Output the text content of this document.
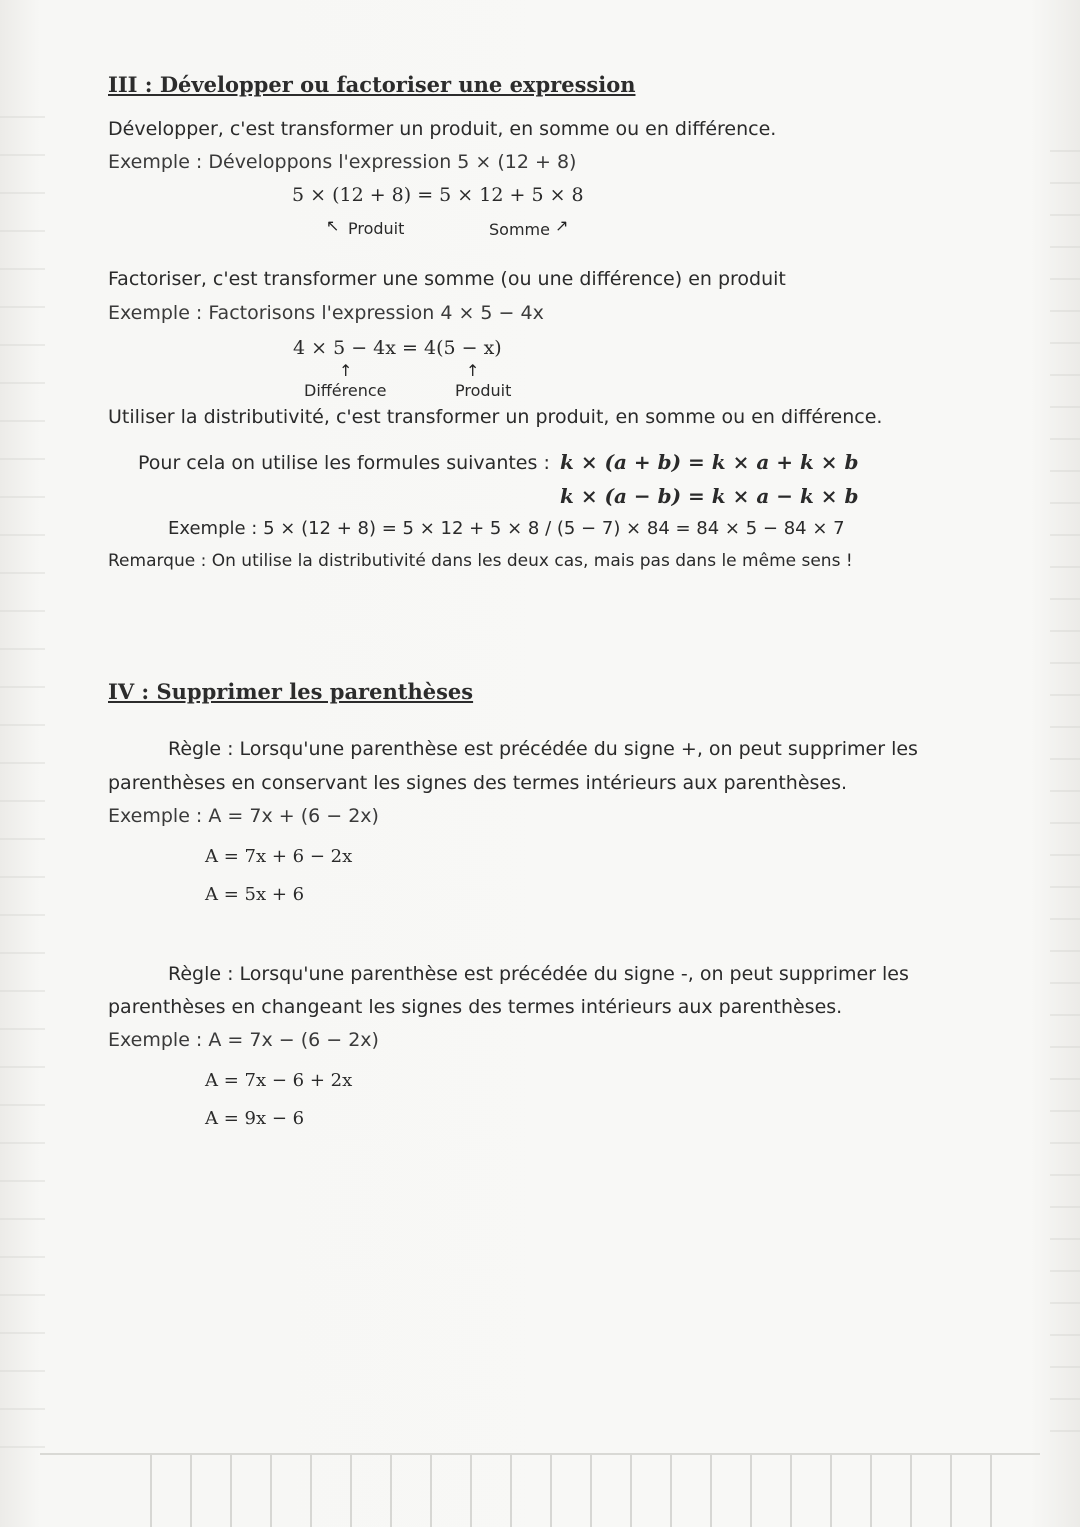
III : Développer ou factoriser une expression
Développer, c'est transformer un produit, en somme ou en différence.
Exemple : Développons l'expression 5 × (12 + 8)
5 × (12 + 8) = 5 × 12 + 5 × 8
↖ Produit	Somme ↗
Factoriser, c'est transformer une somme (ou une différence) en produit
Exemple : Factorisons l'expression 4 × 5 − 4x
4 × 5 − 4x = 4(5 − x)
↑	↑
Différence	Produit
Utiliser la distributivité, c'est transformer un produit, en somme ou en différence.
Pour cela on utilise les formules suivantes : k × (a + b) = k × a + k × b
k × (a − b) = k × a − k × b
Exemple : 5 × (12 + 8) = 5 × 12 + 5 × 8 / (5 − 7) × 84 = 84 × 5 − 84 × 7
Remarque : On utilise la distributivité dans les deux cas, mais pas dans le même sens !
IV : Supprimer les parenthèses
Règle : Lorsqu'une parenthèse est précédée du signe +, on peut supprimer les
parenthèses en conservant les signes des termes intérieurs aux parenthèses.
Exemple : A = 7x + (6 − 2x)
A = 7x + 6 − 2x
A = 5x + 6
Règle : Lorsqu'une parenthèse est précédée du signe -, on peut supprimer les
parenthèses en changeant les signes des termes intérieurs aux parenthèses.
Exemple : A = 7x − (6 − 2x)
A = 7x − 6 + 2x
A = 9x − 6
